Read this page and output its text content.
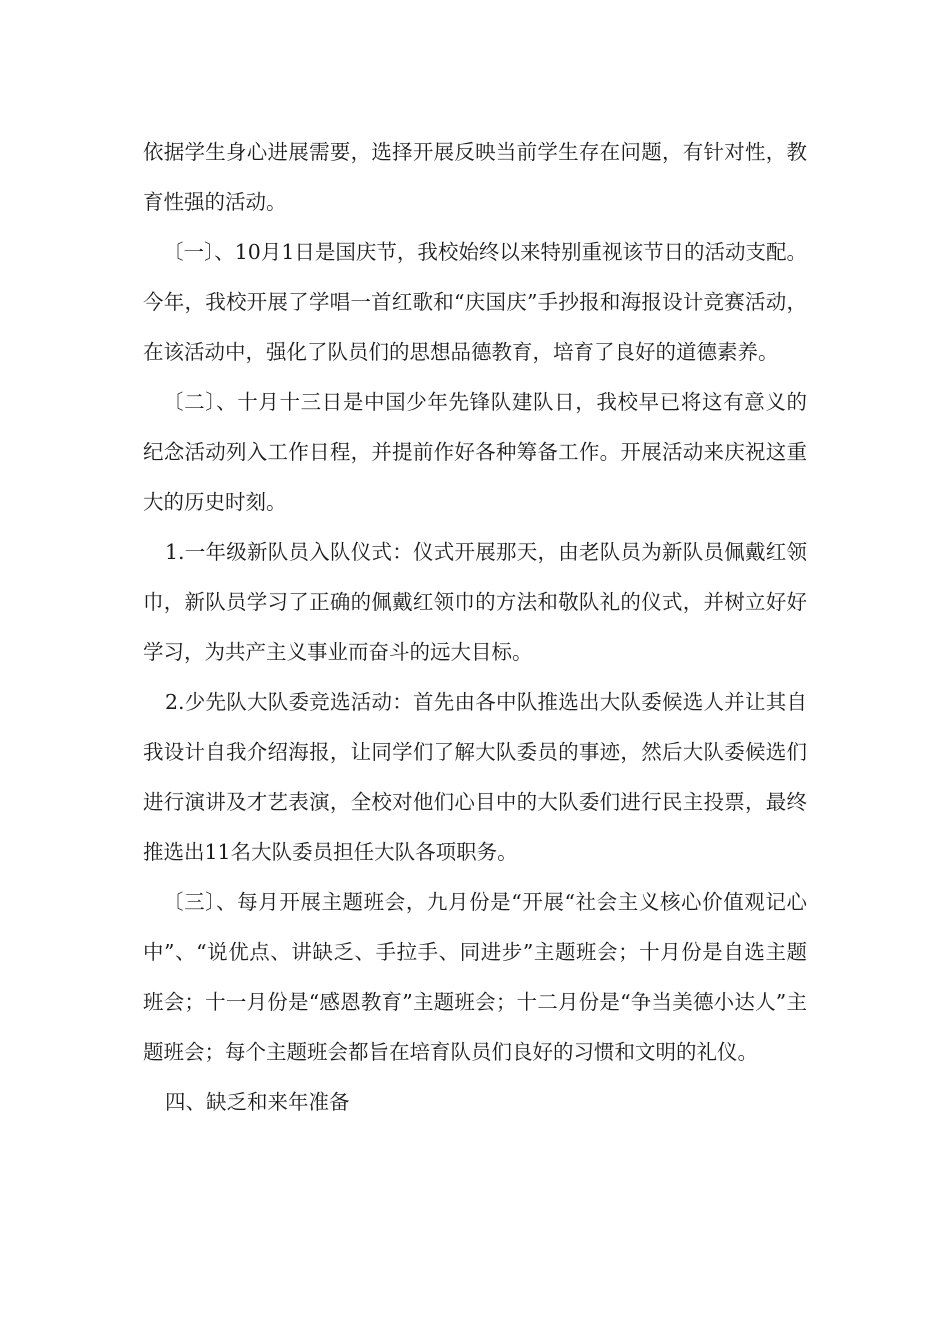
依据学生身心进展需要，选择开展反映当前学生存在问题，有针对性，教育性强的活动。

〔一〕、10月1日是国庆节，我校始终以来特别重视该节日的活动支配。今年，我校开展了学唱一首红歌和“庆国庆”手抄报和海报设计竞赛活动，在该活动中，强化了队员们的思想品德教育，培育了良好的道德素养。

〔二〕、十月十三日是中国少年先锋队建队日，我校早已将这有意义的纪念活动列入工作日程，并提前作好各种筹备工作。开展活动来庆祝这重大的历史时刻。

1.一年级新队员入队仪式：仪式开展那天，由老队员为新队员佩戴红领巾，新队员学习了正确的佩戴红领巾的方法和敬队礼的仪式，并树立好好学习，为共产主义事业而奋斗的远大目标。

2.少先队大队委竞选活动：首先由各中队推选出大队委候选人并让其自我设计自我介绍海报，让同学们了解大队委员的事迹，然后大队委候选们进行演讲及才艺表演，全校对他们心目中的大队委们进行民主投票，最终推选出11名大队委员担任大队各项职务。

〔三〕、每月开展主题班会，九月份是“开展“社会主义核心价值观记心中”、“说优点、讲缺乏、手拉手、同进步”主题班会；十月份是自选主题班会；十一月份是“感恩教育”主题班会；十二月份是“争当美德小达人”主题班会；每个主题班会都旨在培育队员们良好的习惯和文明的礼仪。

四、缺乏和来年准备
